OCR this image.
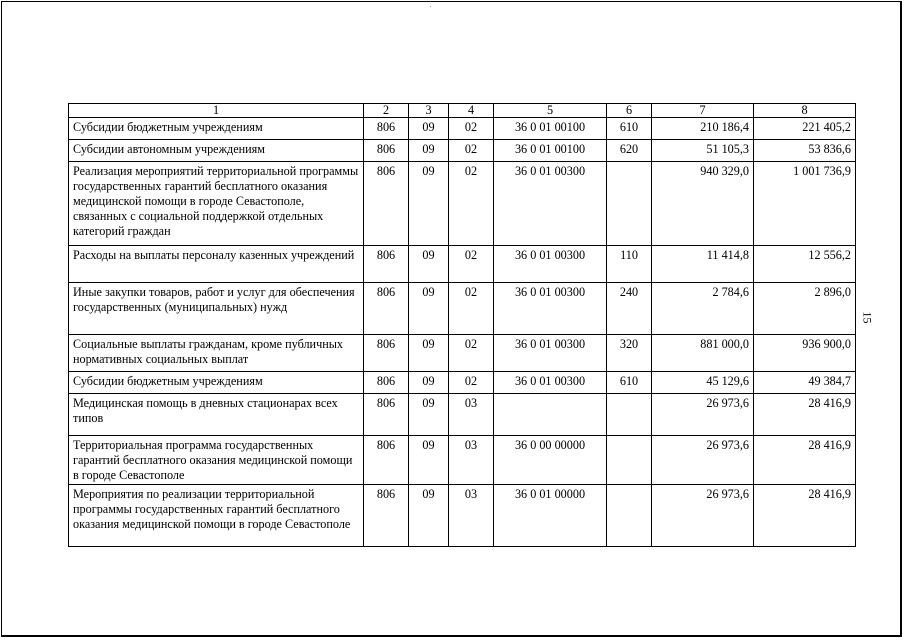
1	2	3	4	5	6	7	8
Субсидии бюджетным учреждениям	806	09	02	36 0 01 00100	610	210 186,4	221 405,2
Субсидии автономным учреждениям	806	09	02	36 0 01 00100	620	51 105,3	53 836,6
Реализация мероприятий территориальной программы государственных гарантий бесплатного оказания медицинской помощи в городе Севастополе, связанных с социальной поддержкой отдельных категорий граждан	806	09	02	36 0 01 00300		940 329,0	1 001 736,9
Расходы на выплаты персоналу казенных учреждений	806	09	02	36 0 01 00300	110	11 414,8	12 556,2
Иные закупки товаров, работ и услуг для обеспечения государственных (муниципальных) нужд	806	09	02	36 0 01 00300	240	2 784,6	2 896,0
Социальные выплаты гражданам, кроме публичных нормативных социальных выплат	806	09	02	36 0 01 00300	320	881 000,0	936 900,0
Субсидии бюджетным учреждениям	806	09	02	36 0 01 00300	610	45 129,6	49 384,7
Медицинская помощь в дневных стационарах всех типов	806	09	03			26 973,6	28 416,9
Территориальная программа государственных гарантий бесплатного оказания медицинской помощи в городе Севастополе	806	09	03	36 0 00 00000		26 973,6	28 416,9
Мероприятия по реализации территориальной программы государственных гарантий бесплатного оказания медицинской помощи в городе Севастополе	806	09	03	36 0 01 00000		26 973,6	28 416,9
15
